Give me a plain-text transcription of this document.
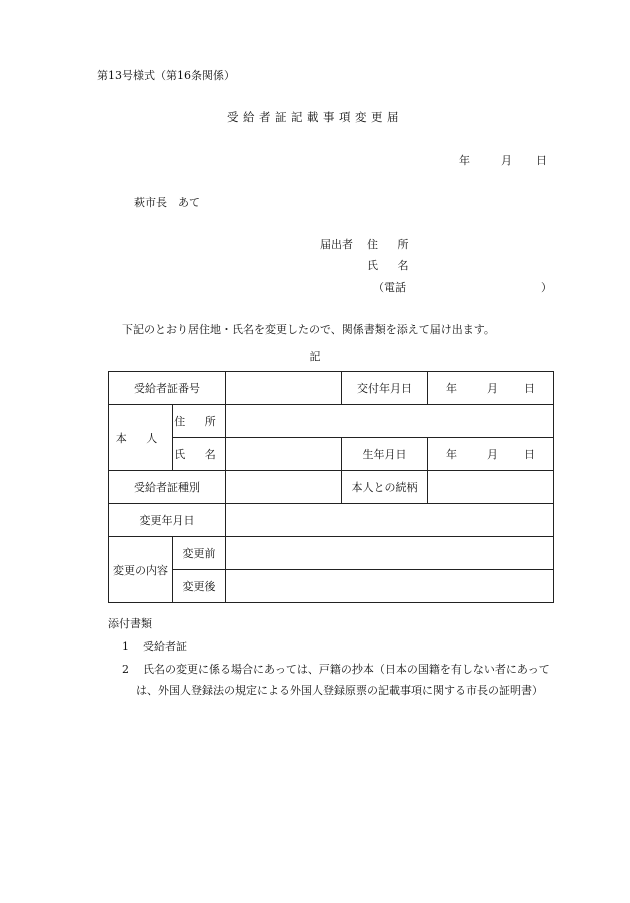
第13号様式（第16条関係）
受給者証記載事項変更届
年	月 日
萩市長　あて
届出者 住 所
氏 名
（電話	）
下記のとおり居住地・氏名を変更したので、関係書類を添えて届け出ます。
記
受給者証番号			交付年月日	年 月 日
本 人	住 所			
	氏 名		生年月日	年 月 日
受給者証種別			本人との続柄	
変更年月日				
変更の内容	変更前			
	変更後			
添付書類
1 受給者証
2	氏名の変更に係る場合にあっては、戸籍の抄本（日本の国籍を有しない者にあっては、外国人登録法の規定による外国人登録原票の記載事項に関する市長の証明書）
